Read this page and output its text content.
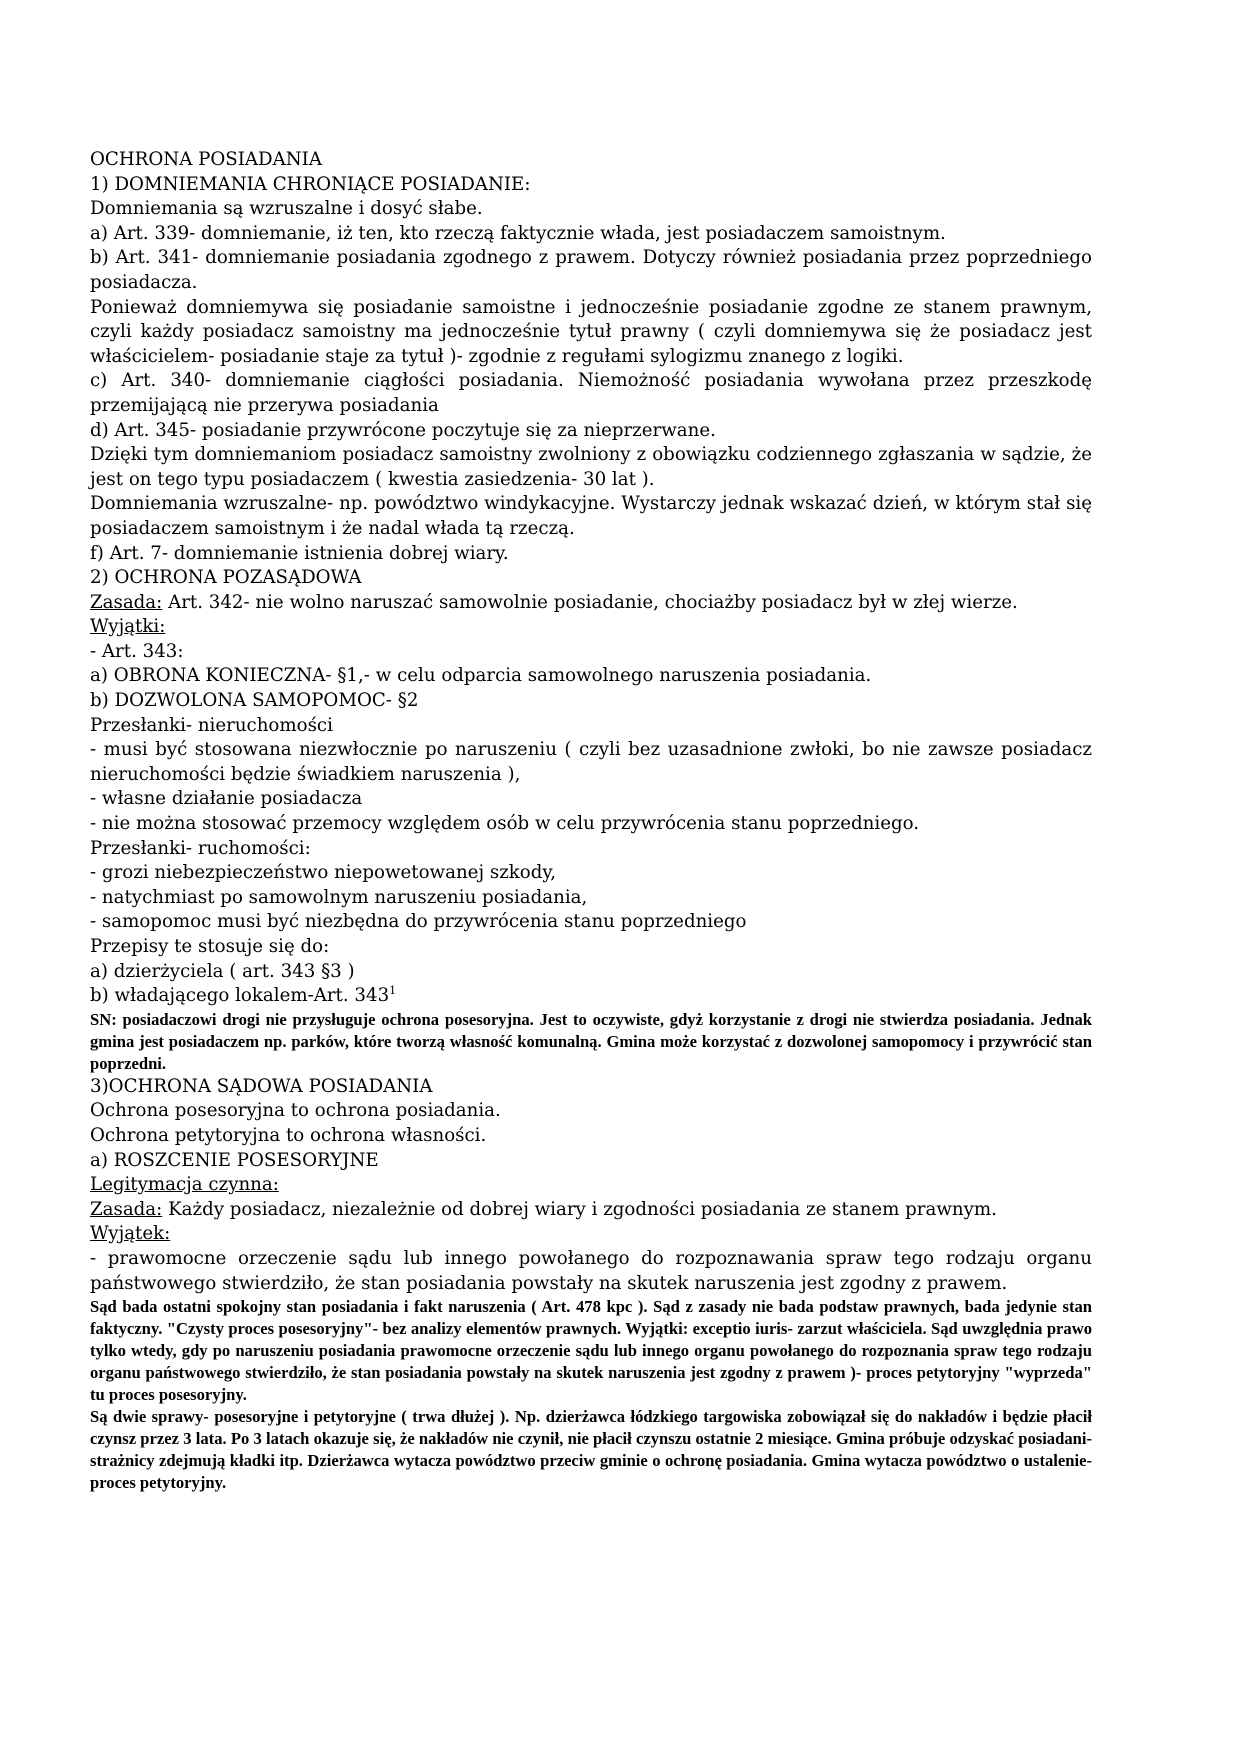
OCHRONA POSIADANIA

1) DOMNIEMANIA CHRONIĄCE POSIADANIE:

Domniemania są wzruszalne i dosyć słabe.

a) Art. 339- domniemanie, iż ten, kto rzeczą faktycznie włada, jest posiadaczem samoistnym.

b) Art. 341- domniemanie posiadania zgodnego z prawem. Dotyczy również posiadania przez poprzedniego posiadacza.

Ponieważ domniemywa się posiadanie samoistne i jednocześnie posiadanie zgodne ze stanem prawnym, czyli każdy posiadacz samoistny ma jednocześnie tytuł prawny ( czyli domniemywa się że posiadacz jest właścicielem- posiadanie staje za tytuł )- zgodnie z regułami sylogizmu znanego z logiki.

c) Art. 340- domniemanie ciągłości posiadania. Niemożność posiadania wywołana przez przeszkodę przemijającą nie przerywa posiadania

d) Art. 345- posiadanie przywrócone poczytuje się za nieprzerwane.

Dzięki tym domniemaniom posiadacz samoistny zwolniony z obowiązku codziennego zgłaszania w sądzie, że jest on tego typu posiadaczem ( kwestia zasiedzenia- 30 lat ).

Domniemania wzruszalne- np. powództwo windykacyjne. Wystarczy jednak wskazać dzień, w którym stał się posiadaczem samoistnym i że nadal włada tą rzeczą.

f) Art. 7- domniemanie istnienia dobrej wiary.

2) OCHRONA POZASĄDOWA

Zasada: Art. 342- nie wolno naruszać samowolnie posiadanie, chociażby posiadacz był w złej wierze.

Wyjątki:

- Art. 343:

a) OBRONA KONIECZNA- §1,- w celu odparcia samowolnego naruszenia posiadania.

b) DOZWOLONA SAMOPOMOC- §2

Przesłanki- nieruchomości

- musi być stosowana niezwłocznie po naruszeniu ( czyli bez uzasadnione zwłoki, bo nie zawsze posiadacz nieruchomości będzie świadkiem naruszenia ),

- własne działanie posiadacza

- nie można stosować przemocy względem osób w celu przywrócenia stanu poprzedniego.

Przesłanki- ruchomości:

- grozi niebezpieczeństwo niepowetowanej szkody,

- natychmiast po samowolnym naruszeniu posiadania,

- samopomoc musi być niezbędna do przywrócenia stanu poprzedniego

Przepisy te stosuje się do:

a) dzierżyciela ( art. 343 §3 )

b) władającego lokalem-Art. $343^1$

SN: posiadaczowi drogi nie przysługuje ochrona posesoryjna. Jest to oczywiste, gdyż korzystanie z drogi nie stwierdza posiadania. Jednak gmina jest posiadaczem np. parków, które tworzą własność komunalną. Gmina może korzystać z dozwolonej samopomocy i przywrócić stan poprzedni.

3)OCHRONA SĄDOWA POSIADANIA

Ochrona posesoryjna to ochrona posiadania.

Ochrona petytoryjna to ochrona własności.

a) ROSZCENIE POSESORYJNE

Legitymacja czynna:

Zasada: Każdy posiadacz, niezależnie od dobrej wiary i zgodności posiadania ze stanem prawnym.

Wyjątek:

- prawomocne orzeczenie sądu lub innego powołanego do rozpoznawania spraw tego rodzaju organu państwowego stwierdziło, że stan posiadania powstały na skutek naruszenia jest zgodny z prawem.

Sąd bada ostatni spokojny stan posiadania i fakt naruszenia ( Art. 478 kpc ). Sąd z zasady nie bada podstaw prawnych, bada jedynie stan faktyczny. "Czysty proces posesoryjny"- bez analizy elementów prawnych. Wyjątki: exceptio iuris- zarzut właściciela. Sąd uwzględnia prawo tylko wtedy, gdy po naruszeniu posiadania prawomocne orzeczenie sądu lub innego organu powołanego do rozpoznania spraw tego rodzaju organu państwowego stwierdziło, że stan posiadania powstały na skutek naruszenia jest zgodny z prawem )- proces petytoryjny "wyprzeda" tu proces posesoryjny.

Są dwie sprawy- posesoryjne i petytoryjne ( trwa dłużej ). Np. dzierżawca łódzkiego targowiska zobowiązał się do nakładów i będzie płacił czynsz przez 3 lata. Po 3 latach okazuje się, że nakładów nie czynił, nie płacił czynszu ostatnie 2 miesiące. Gmina próbuje odzyskać posiadani- strażnicy zdejmują kładki itp. Dzierżawca wytacza powództwo przeciw gminie o ochronę posiadania. Gmina wytacza powództwo o ustalenie- proces petytoryjny.
